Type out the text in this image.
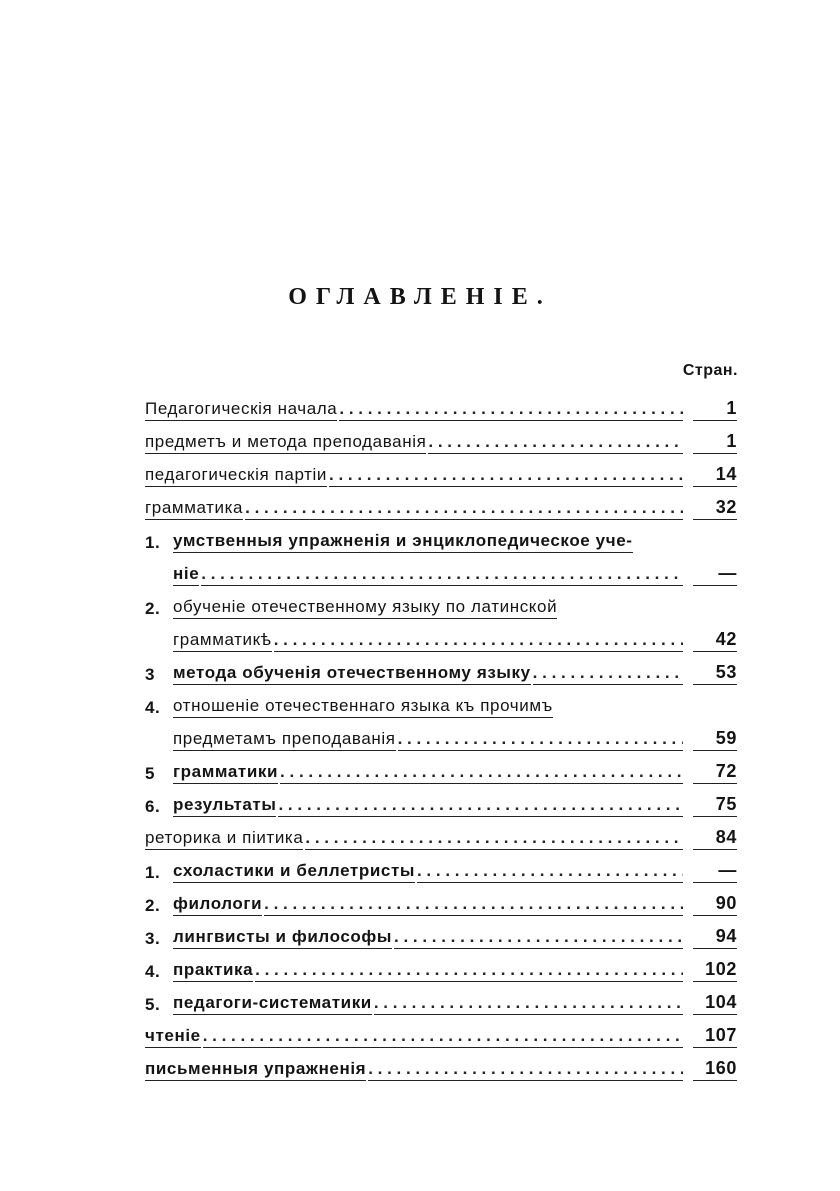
ОГЛАВЛЕНІЕ.
Стран.
Педагогическія начала . . .	1
предметъ и метода преподаванія . . .	1
педагогическія партіи . . .	14
грамматика . . .	32
1. умственныя упражненія и энциклопедическое уче-
ніе . . .	—
2. обученіе отечественному языку по латинской
грамматикѣ . . .	42
3	метода обученія отечественному языку . . .	53
4. отношеніе отечественнаго языка къ прочимъ
предметамъ преподаванія . . .	59
5	грамматики . . .	72
6. результаты . . .	75
реторика и піитика . . .	84
1. схоластики и беллетристы . . .	—
2. филологи . . .	90
3. лингвисты и философы . . .	94
4. практика . . .	102
5. педагоги-систематики . . .	104
чтеніе . . .	107
письменныя упражненія . . .	160
